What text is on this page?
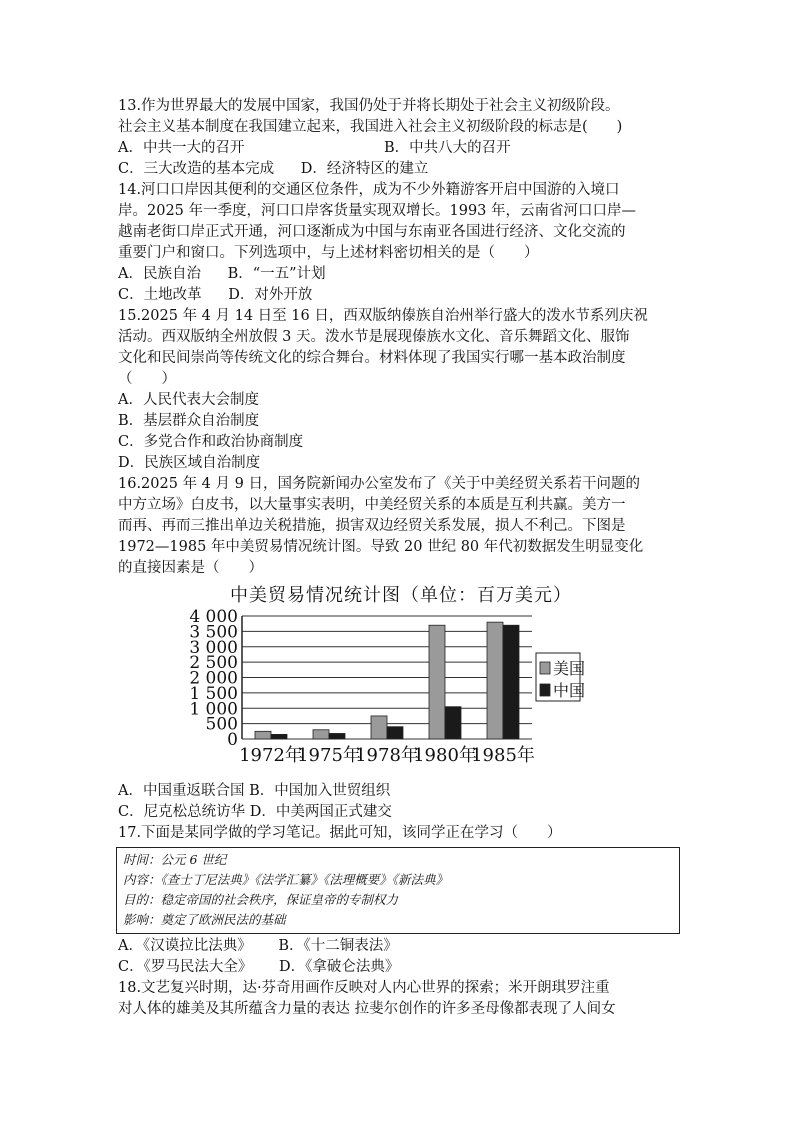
13.作为世界最大的发展中国家，我国仍处于并将长期处于社会主义初级阶段。
社会主义基本制度在我国建立起来，我国进入社会主义初级阶段的标志是(　　)
A．中共一大的召开	B．中共八大的召开
C．三大改造的基本完成 D．经济特区的建立
14.河口口岸因其便利的交通区位条件，成为不少外籍游客开启中国游的入境口
岸。2025 年一季度，河口口岸客货量实现双增长。1993 年，云南省河口口岸—
越南老街口岸正式开通，河口逐渐成为中国与东南亚各国进行经济、文化交流的
重要门户和窗口。下列选项中，与上述材料密切相关的是（　　）
A．民族自治 B．“一五”计划
C．土地改革 D．对外开放
15.2025 年 4 月 14 日至 16 日，西双版纳傣族自治州举行盛大的泼水节系列庆祝
活动。西双版纳全州放假 3 天。泼水节是展现傣族水文化、音乐舞蹈文化、服饰
文化和民间崇尚等传统文化的综合舞台。材料体现了我国实行哪一基本政治制度
（　　）
A．人民代表大会制度
B．基层群众自治制度
C．多党合作和政治协商制度
D．民族区域自治制度
16.2025 年 4 月 9 日，国务院新闻办公室发布了《关于中美经贸关系若干问题的
中方立场》白皮书，以大量事实表明，中美经贸关系的本质是互利共赢。美方一
而再、再而三推出单边关税措施，损害双边经贸关系发展，损人不利己。下图是
1972—1985 年中美贸易情况统计图。导致 20 世纪 80 年代初数据发生明显变化
的直接因素是（　　）
中美贸易情况统计图（单位：百万美元）
0
500
1 000
1 500
2 000
2 500
3 000
3 500
4 000
1972年
1975年
1978年
1980年
1985年
美国
中国
A．中国重返联合国 B．中国加入世贸组织
C．尼克松总统访华 D．中美两国正式建交
17.下面是某同学做的学习笔记。据此可知，该同学正在学习（　　）
时间：公元 6 世纪
内容：《查士丁尼法典》《法学汇纂》《法理概要》《新法典》
目的：稳定帝国的社会秩序，保证皇帝的专制权力
影响：奠定了欧洲民法的基础
A．《汉谟拉比法典》 B．《十二铜表法》
C．《罗马民法大全》 D．《拿破仑法典》
18.文艺复兴时期，达·芬奇用画作反映对人内心世界的探索；米开朗琪罗注重
对人体的雄美及其所蕴含力量的表达 拉斐尔创作的许多圣母像都表现了人间女
